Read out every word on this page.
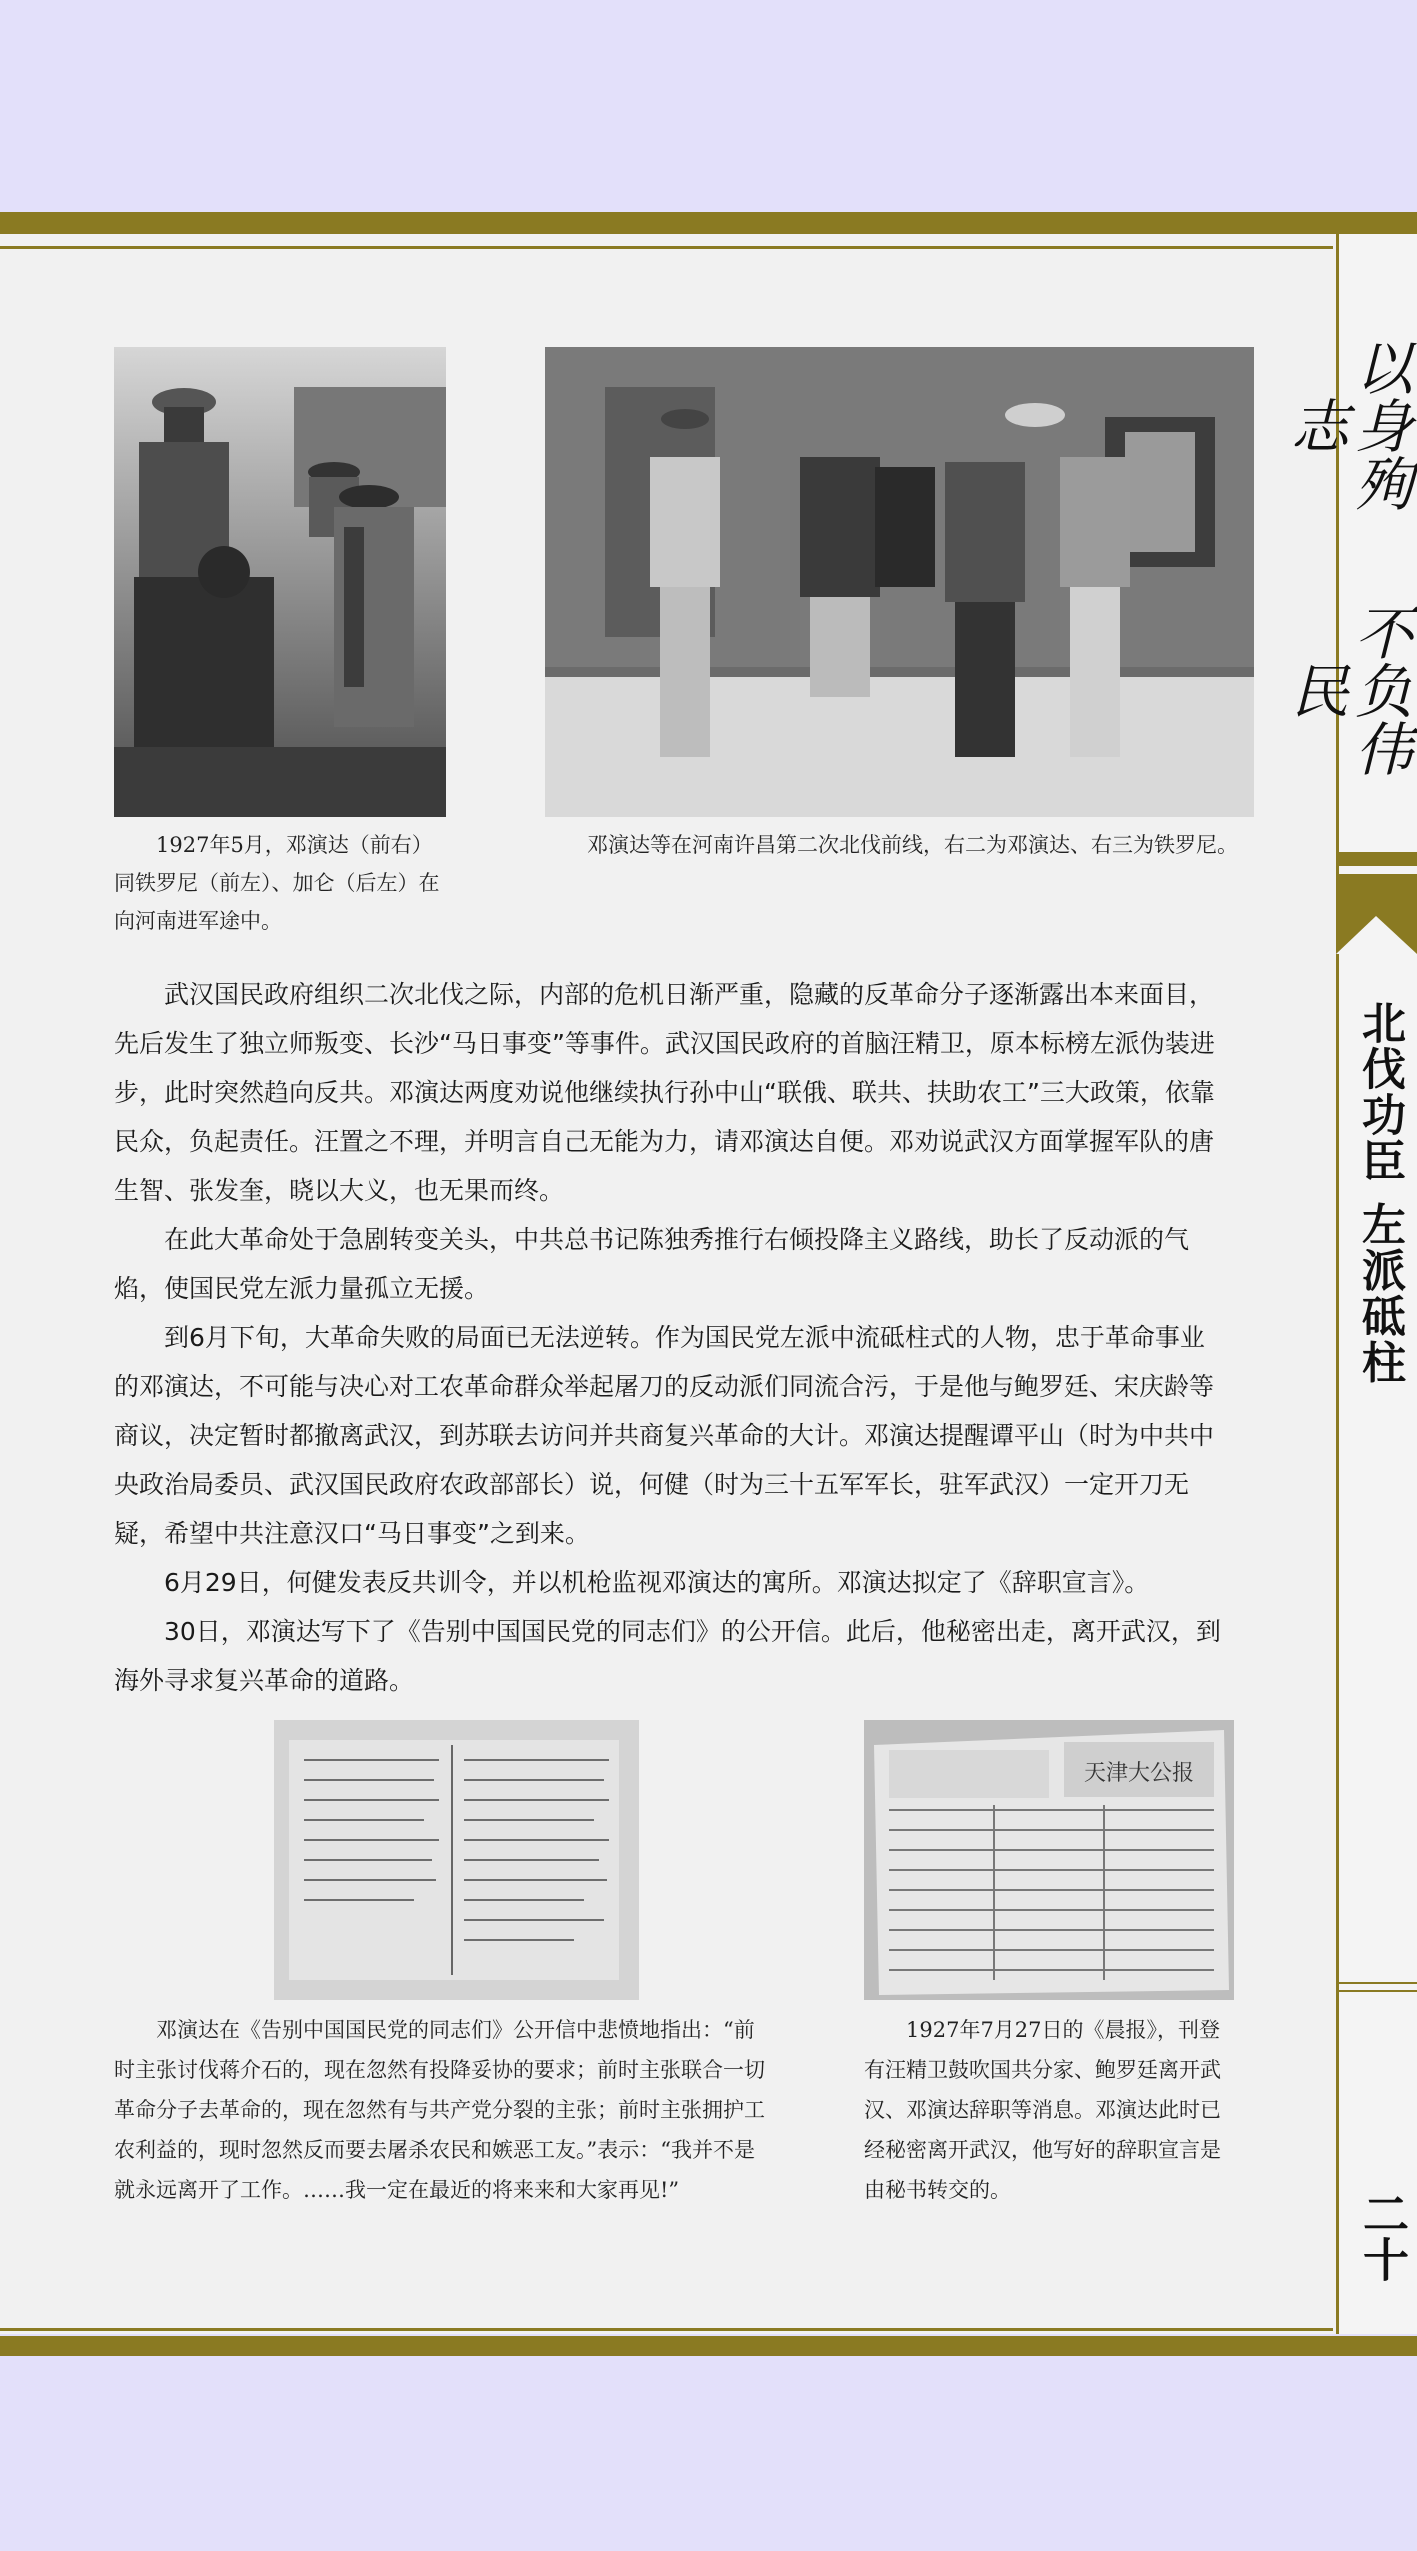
以身殉志
不负伟民
北伐功臣 左派砥柱
二十

1927年5月，邓演达（前右）同铁罗尼（前左）、加仑（后左）在向河南进军途中。

邓演达等在河南许昌第二次北伐前线，右二为邓演达、右三为铁罗尼。

武汉国民政府组织二次北伐之际，内部的危机日渐严重，隐藏的反革命分子逐渐露出本来面目，先后发生了独立师叛变、长沙“马日事变”等事件。武汉国民政府的首脑汪精卫，原本标榜左派伪装进步，此时突然趋向反共。邓演达两度劝说他继续执行孙中山“联俄、联共、扶助农工”三大政策，依靠民众，负起责任。汪置之不理，并明言自己无能为力，请邓演达自便。邓劝说武汉方面掌握军队的唐生智、张发奎，晓以大义，也无果而终。

在此大革命处于急剧转变关头，中共总书记陈独秀推行右倾投降主义路线，助长了反动派的气焰，使国民党左派力量孤立无援。

到6月下旬，大革命失败的局面已无法逆转。作为国民党左派中流砥柱式的人物，忠于革命事业的邓演达，不可能与决心对工农革命群众举起屠刀的反动派们同流合污，于是他与鲍罗廷、宋庆龄等商议，决定暂时都撤离武汉，到苏联去访问并共商复兴革命的大计。邓演达提醒谭平山（时为中共中央政治局委员、武汉国民政府农政部部长）说，何健（时为三十五军军长，驻军武汉）一定开刀无疑，希望中共注意汉口“马日事变”之到来。

6月29日，何健发表反共训令，并以机枪监视邓演达的寓所。邓演达拟定了《辞职宣言》。

30日，邓演达写下了《告别中国国民党的同志们》的公开信。此后，他秘密出走，离开武汉，到海外寻求复兴革命的道路。

邓演达在《告别中国国民党的同志们》公开信中悲愤地指出：“前时主张讨伐蒋介石的，现在忽然有投降妥协的要求；前时主张联合一切革命分子去革命的，现在忽然有与共产党分裂的主张；前时主张拥护工农利益的，现时忽然反而要去屠杀农民和嫉恶工友。”表示：“我并不是就永远离开了工作。……我一定在最近的将来来和大家再见!”

天津大公报

1927年7月27日的《晨报》，刊登有汪精卫鼓吹国共分家、鲍罗廷离开武汉、邓演达辞职等消息。邓演达此时已经秘密离开武汉，他写好的辞职宣言是由秘书转交的。
